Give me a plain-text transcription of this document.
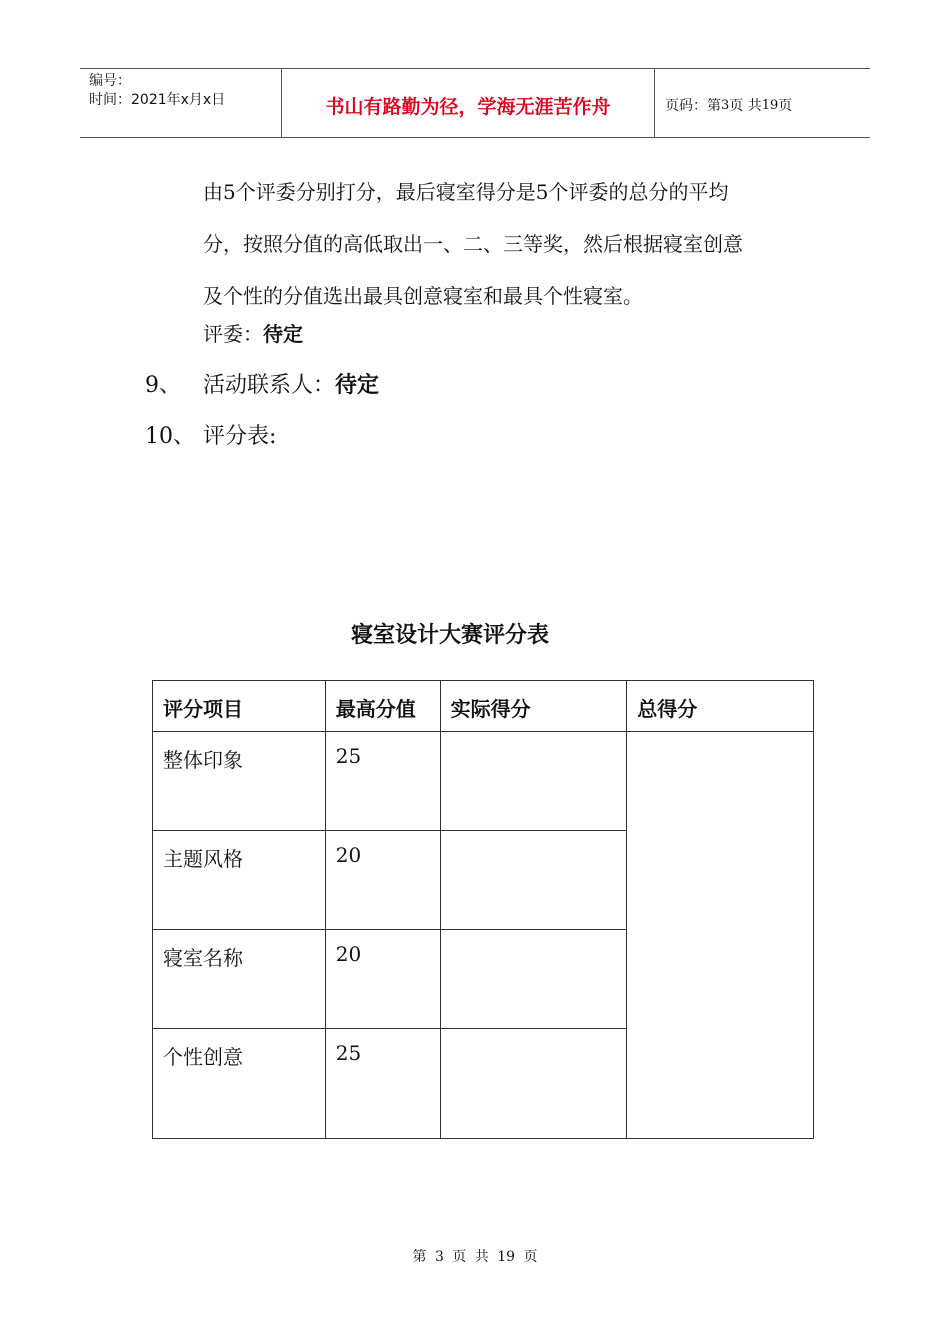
编号：
时间：2021年x月x日	书山有路勤为径，学海无涯苦作舟	页码：第 3 页 共 19 页
由5个评委分别打分，最后寝室得分是5个评委的总分的平均
分，按照分值的高低取出一、二、三等奖，然后根据寝室创意
及个性的分值选出最具创意寝室和最具个性寝室。
评委：待定
9、 活动联系人：待定
10、 评分表:
寝室设计大赛评分表
评分项目	最高分值	实际得分	总得分
整体印象	25		
主题风格	20		
寝室名称	20		
个性创意	25		
第 3 页 共 19 页
